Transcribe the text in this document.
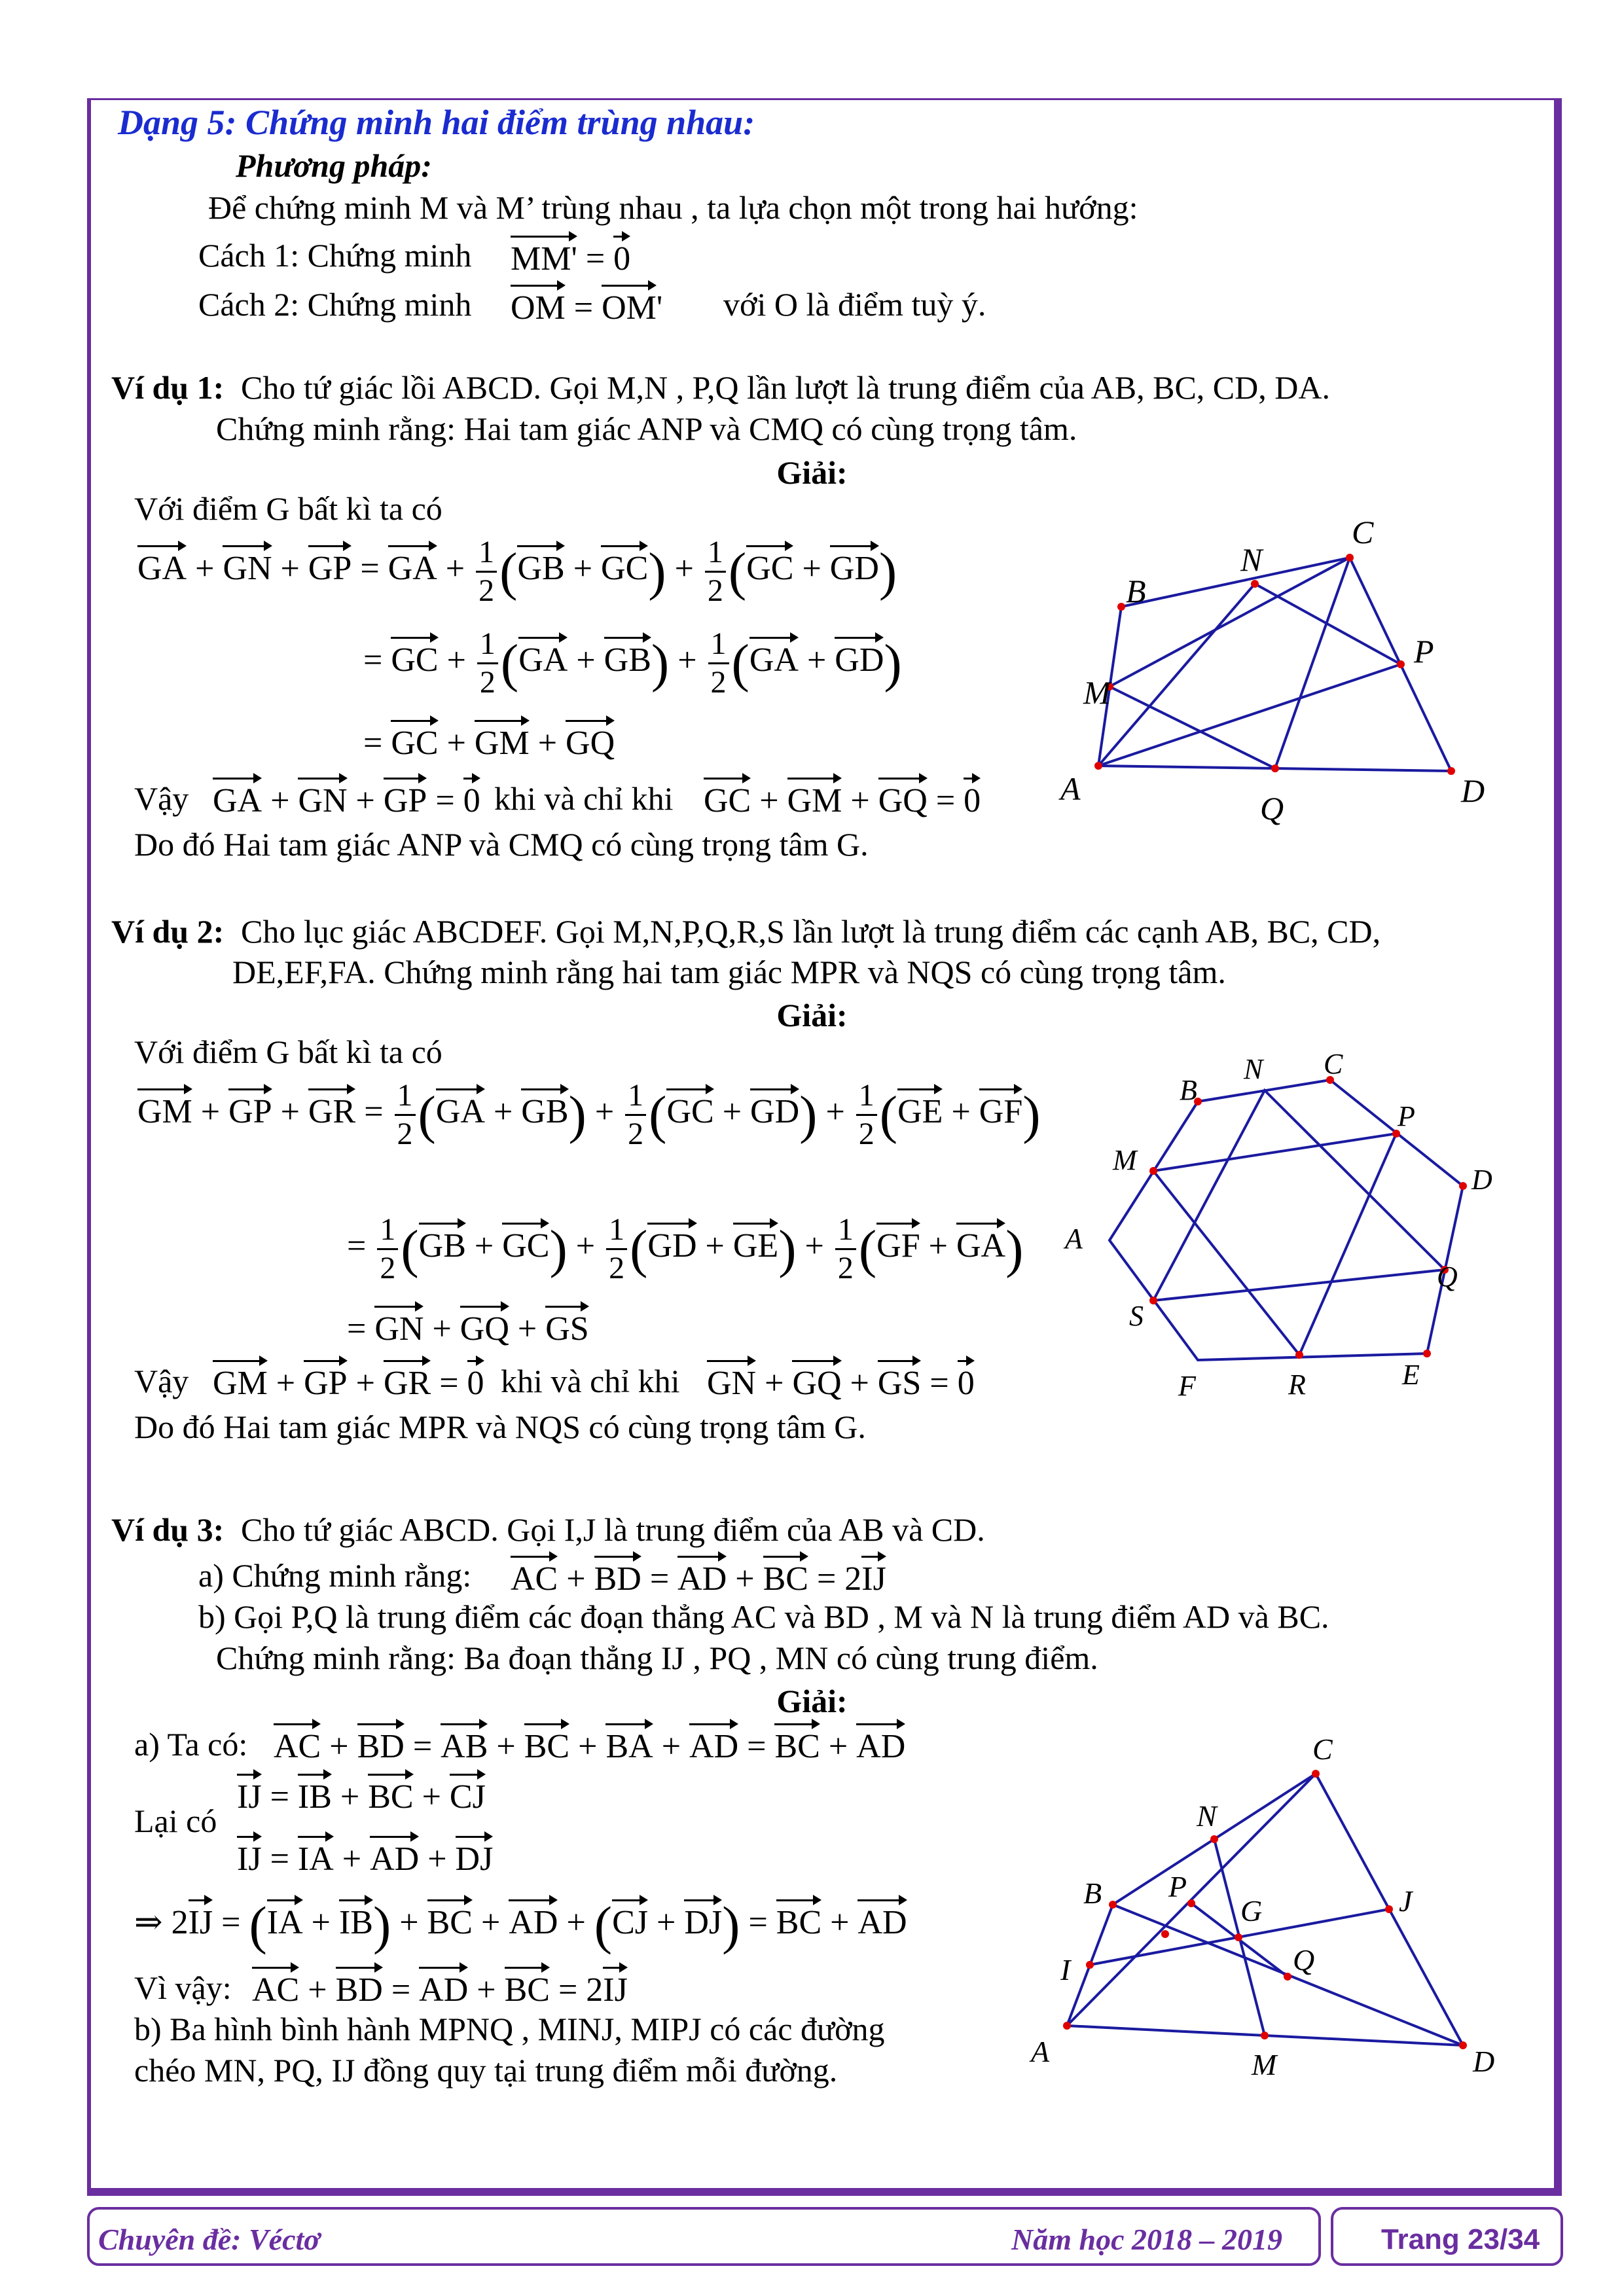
Dạng 5: Chứng minh hai điểm trùng nhau:
Phương pháp:
Để chứng minh M và M’ trùng nhau , ta lựa chọn một trong hai hướng:
Cách 1: Chứng minh MM' = 0
Cách 2: Chứng minh OM = OM' với O là điểm tuỳ ý.
Ví dụ 1: Cho tứ giác lồi ABCD. Gọi M,N , P,Q lần lượt là trung điểm của AB, BC, CD, DA.
Chứng minh rằng: Hai tam giác ANP và CMQ có cùng trọng tâm.
Giải:
Với điểm G bất kì ta có
GA + GN + GP = GA + $\frac{1}{2} (GB + GC) + \frac{1}{2} (GC + GD)$
= GC + $\frac{1}{2} (GA + GB) + \frac{1}{2} (GA + GD)$
= GC + GM + GQ
Vậy GA + GN + GP = 0 khi và chỉ khi GC + GM + GQ = 0
Do đó Hai tam giác ANP và CMQ có cùng trọng tâm G.
A
B
C
D
M
N
P
Q
Ví dụ 2: Cho lục giác ABCDEF. Gọi M,N,P,Q,R,S lần lượt là trung điểm các cạnh AB, BC, CD,
DE,EF,FA. Chứng minh rằng hai tam giác MPR và NQS có cùng trọng tâm.
Giải:
Với điểm G bất kì ta có
GM + GP + GR = $\frac{1}{2} (GA + GB) + \frac{1}{2} (GC + GD) + \frac{1}{2} (GE + GF)$
= $\frac{1}{2} (GB + GC) + \frac{1}{2} (GD + GE) + \frac{1}{2} (GF + GA)$
= GN + GQ + GS
Vậy GM + GP + GR = 0 khi và chỉ khi GN + GQ + GS = 0
Do đó Hai tam giác MPR và NQS có cùng trọng tâm G.
A
B
C
D
E
F
M
N
P
Q
R
S
Ví dụ 3: Cho tứ giác ABCD. Gọi I,J là trung điểm của AB và CD.
a) Chứng minh rằng: AC + BD = AD + BC = 2IJ
b) Gọi P,Q là trung điểm các đoạn thẳng AC và BD , M và N là trung điểm AD và BC.
Chứng minh rằng: Ba đoạn thẳng IJ , PQ , MN có cùng trung điểm.
Giải:
a) Ta có: AC + BD = AB + BC + BA + AD = BC + AD
Lại có
IJ = IB + BC + CJ
IJ = IA + AD + DJ
⇒ 2IJ = (IA + IB) + BC + AD + (CJ + DJ) = BC + AD
Vì vậy: AC + BD = AD + BC = 2IJ
b) Ba hình bình hành MPNQ , MINJ, MIPJ có các đường
chéo MN, PQ, IJ đồng quy tại trung điểm mỗi đường.
A
B
C
D
I
J
P
Q
N
M
G
Chuyên đề: Véctơ	Năm học 2018 – 2019	Trang 23/34
